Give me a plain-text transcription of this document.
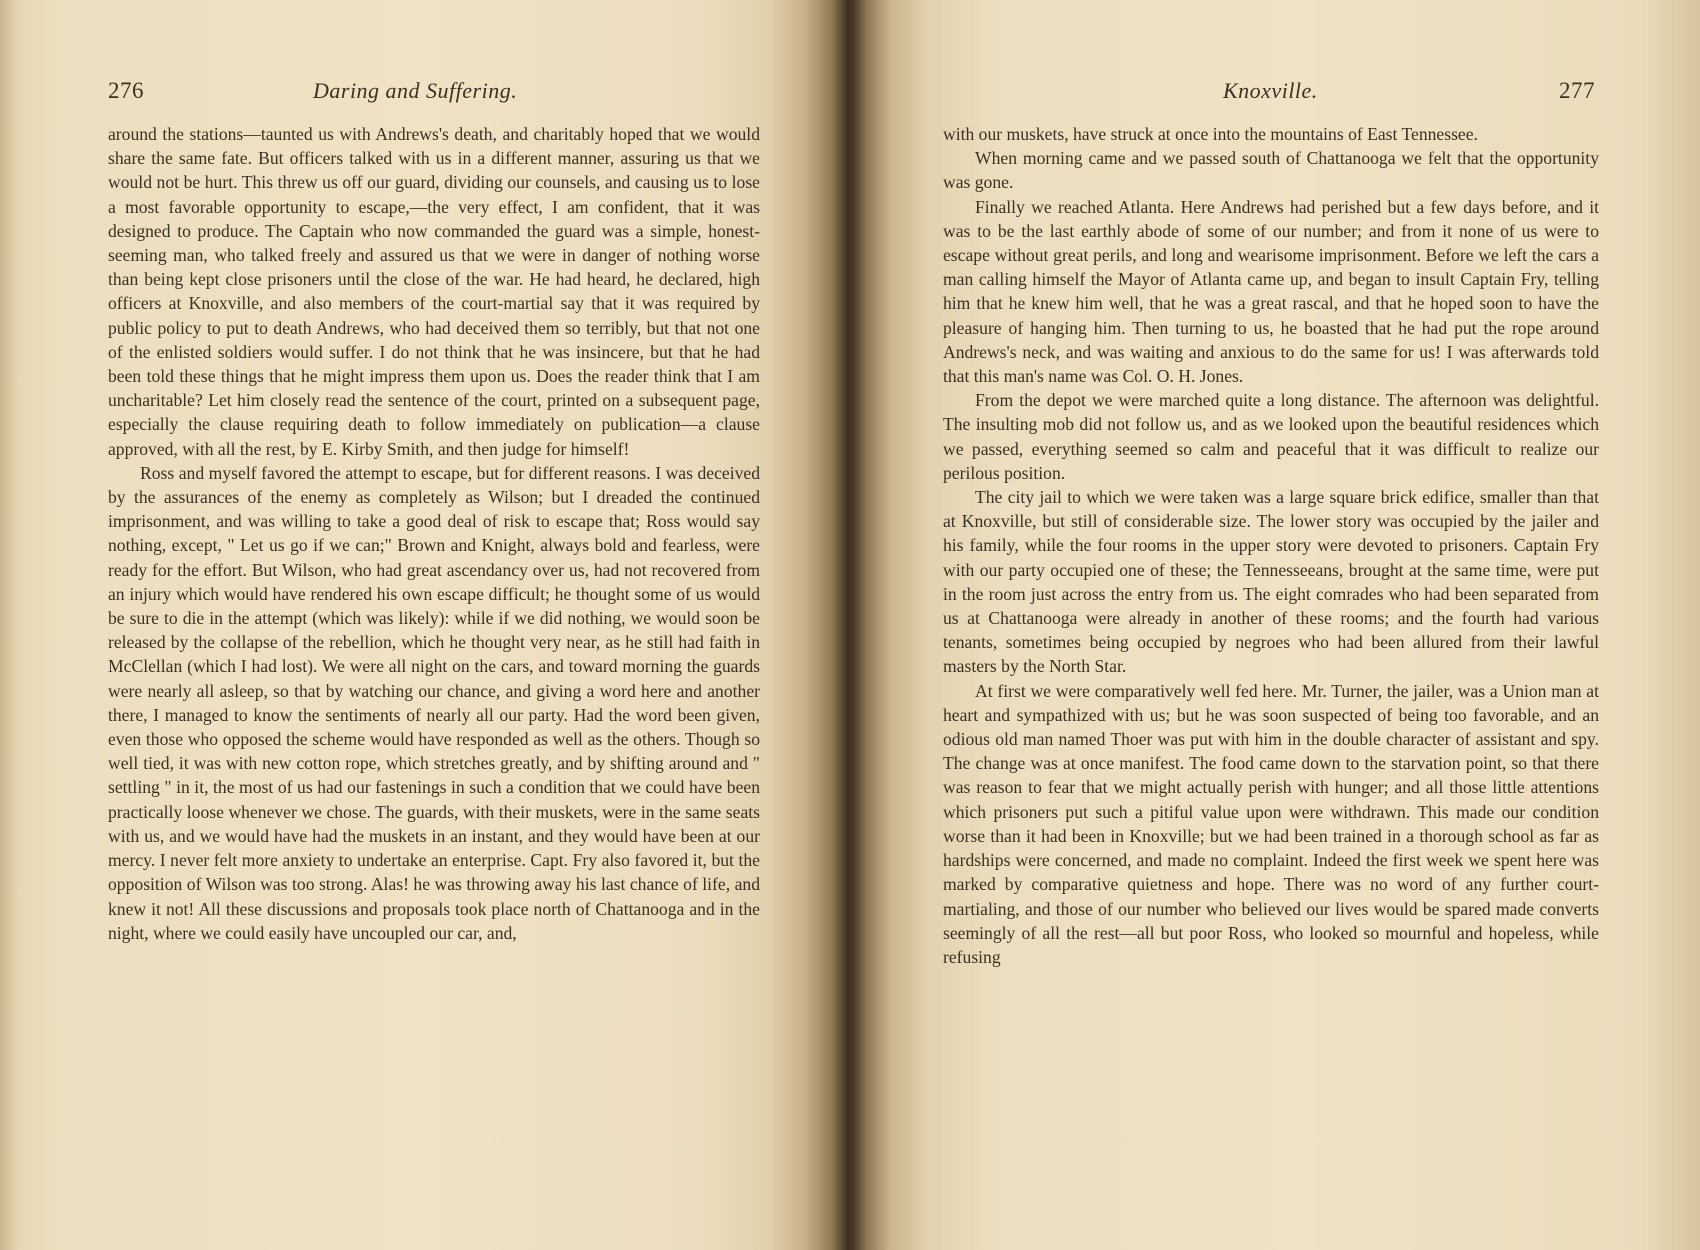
276	Daring and Suffering.

around the stations—taunted us with Andrews's death, and charitably hoped that we would share the same fate. But officers talked with us in a different manner, assuring us that we would not be hurt. This threw us off our guard, dividing our counsels, and causing us to lose a most favorable opportunity to escape,—the very effect, I am confident, that it was designed to produce. The Captain who now commanded the guard was a simple, honest-seeming man, who talked freely and assured us that we were in danger of nothing worse than being kept close prisoners until the close of the war. He had heard, he declared, high officers at Knoxville, and also members of the court-martial say that it was required by public policy to put to death Andrews, who had deceived them so terribly, but that not one of the enlisted soldiers would suffer. I do not think that he was insincere, but that he had been told these things that he might impress them upon us. Does the reader think that I am uncharitable? Let him closely read the sentence of the court, printed on a subsequent page, especially the clause requiring death to follow immediately on publication—a clause approved, with all the rest, by E. Kirby Smith, and then judge for himself!

Ross and myself favored the attempt to escape, but for different reasons. I was deceived by the assurances of the enemy as completely as Wilson; but I dreaded the continued imprisonment, and was willing to take a good deal of risk to escape that; Ross would say nothing, except, " Let us go if we can;" Brown and Knight, always bold and fearless, were ready for the effort. But Wilson, who had great ascendancy over us, had not recovered from an injury which would have rendered his own escape difficult; he thought some of us would be sure to die in the attempt (which was likely): while if we did nothing, we would soon be released by the collapse of the rebellion, which he thought very near, as he still had faith in McClellan (which I had lost). We were all night on the cars, and toward morning the guards were nearly all asleep, so that by watching our chance, and giving a word here and another there, I managed to know the sentiments of nearly all our party. Had the word been given, even those who opposed the scheme would have responded as well as the others. Though so well tied, it was with new cotton rope, which stretches greatly, and by shifting around and " settling " in it, the most of us had our fastenings in such a condition that we could have been practically loose whenever we chose. The guards, with their muskets, were in the same seats with us, and we would have had the muskets in an instant, and they would have been at our mercy. I never felt more anxiety to undertake an enterprise. Capt. Fry also favored it, but the opposition of Wilson was too strong. Alas! he was throwing away his last chance of life, and knew it not! All these discussions and proposals took place north of Chattanooga and in the night, where we could easily have uncoupled our car, and,

Knoxville.	277

with our muskets, have struck at once into the mountains of East Tennessee.

When morning came and we passed south of Chattanooga we felt that the opportunity was gone.

Finally we reached Atlanta. Here Andrews had perished but a few days before, and it was to be the last earthly abode of some of our number; and from it none of us were to escape without great perils, and long and wearisome imprisonment. Before we left the cars a man calling himself the Mayor of Atlanta came up, and began to insult Captain Fry, telling him that he knew him well, that he was a great rascal, and that he hoped soon to have the pleasure of hanging him. Then turning to us, he boasted that he had put the rope around Andrews's neck, and was waiting and anxious to do the same for us! I was afterwards told that this man's name was Col. O. H. Jones.

From the depot we were marched quite a long distance. The afternoon was delightful. The insulting mob did not follow us, and as we looked upon the beautiful residences which we passed, everything seemed so calm and peaceful that it was difficult to realize our perilous position.

The city jail to which we were taken was a large square brick edifice, smaller than that at Knoxville, but still of considerable size. The lower story was occupied by the jailer and his family, while the four rooms in the upper story were devoted to prisoners. Captain Fry with our party occupied one of these; the Tennesseeans, brought at the same time, were put in the room just across the entry from us. The eight comrades who had been separated from us at Chattanooga were already in another of these rooms; and the fourth had various tenants, sometimes being occupied by negroes who had been allured from their lawful masters by the North Star.

At first we were comparatively well fed here. Mr. Turner, the jailer, was a Union man at heart and sympathized with us; but he was soon suspected of being too favorable, and an odious old man named Thoer was put with him in the double character of assistant and spy. The change was at once manifest. The food came down to the starvation point, so that there was reason to fear that we might actually perish with hunger; and all those little attentions which prisoners put such a pitiful value upon were withdrawn. This made our condition worse than it had been in Knoxville; but we had been trained in a thorough school as far as hardships were concerned, and made no complaint. Indeed the first week we spent here was marked by comparative quietness and hope. There was no word of any further court-martialing, and those of our number who believed our lives would be spared made converts seemingly of all the rest—all but poor Ross, who looked so mournful and hopeless, while refusing
